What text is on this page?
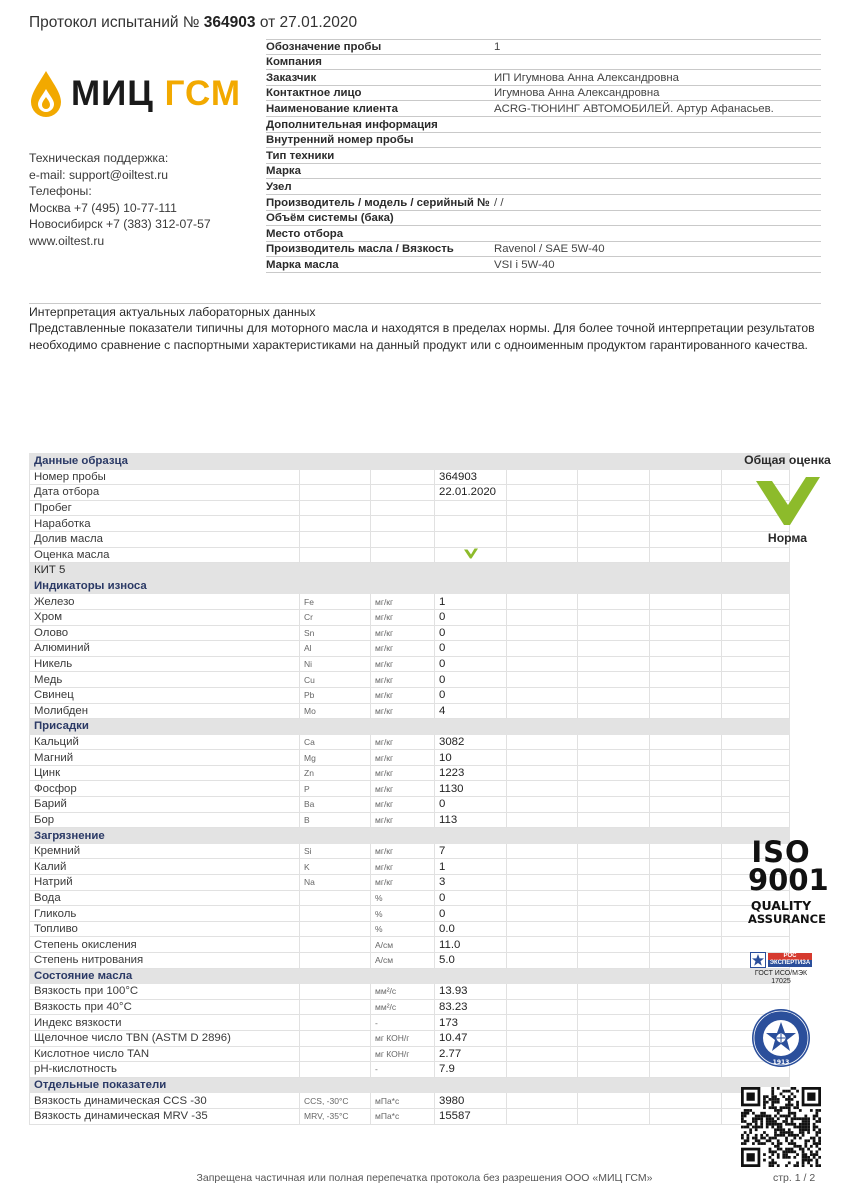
Протокол испытаний № 364903 от 27.01.2020
МИЦ ГСМ
Техническая поддержка:
e-mail: support@oiltest.ru
Телефоны:
Москва +7 (495) 10-77-111
Новосибирск +7 (383) 312-07-57
www.oiltest.ru
Обозначение пробы	1
Компания
Заказчик	ИП Игумнова Анна Александровна
Контактное лицо	Игумнова Анна Александровна
Наименование клиента	ACRG-ТЮНИНГ АВТОМОБИЛЕЙ. Артур Афанасьев.
Дополнительная информация
Внутренний номер пробы
Тип техники
Марка
Узел
Производитель / модель / серийный № / /
Объём системы (бака)
Место отбора
Производитель масла / Вязкость	Ravenol / SAE 5W-40
Марка масла	VSI i 5W-40
Интерпретация актуальных лабораторных данных
Представленные показатели типичны для моторного масла и находятся в пределах нормы. Для более точной интерпретации результатов необходимо сравнение с паспортными характеристиками на данный продукт или с одноименным продуктом гарантированного качества.
Данные образца							
Номер пробы			364903				
Дата отбора			22.01.2020				
Пробег							
Наработка							
Долив масла							
Оценка масла							
КИТ 5							
Индикаторы износа							
Железо	Fe	мг/кг	1				
Хром	Cr	мг/кг	0				
Олово	Sn	мг/кг	0				
Алюминий	Al	мг/кг	0				
Никель	Ni	мг/кг	0				
Медь	Cu	мг/кг	0				
Свинец	Pb	мг/кг	0				
Молибден	Mo	мг/кг	4				
Присадки							
Кальций	Ca	мг/кг	3082				
Магний	Mg	мг/кг	10				
Цинк	Zn	мг/кг	1223				
Фосфор	P	мг/кг	1130				
Барий	Ba	мг/кг	0				
Бор	B	мг/кг	113				
Загрязнение							
Кремний	Si	мг/кг	7				
Калий	K	мг/кг	1				
Натрий	Na	мг/кг	3				
Вода		%	0				
Гликоль		%	0				
Топливо		%	0.0				
Степень окисления		А/см	11.0				
Степень нитрования		А/см	5.0				
Состояние масла							
Вязкость при 100°С		мм²/с	13.93				
Вязкость при 40°С		мм²/с	83.23				
Индекс вязкости		-	173				
Щелочное число TBN (ASTM D 2896)		мг КОН/г	10.47				
Кислотное число TAN		мг КОН/г	2.77				
pH-кислотность		-	7.9				
Отдельные показатели							
Вязкость динамическая CCS -30	CCS, -30°C	мПа*с	3980				
Вязкость динамическая MRV -35	MRV, -35°C	мПа*с	15587				
Общая оценка
Норма
ISO
9001
QUALITY
ASSURANCE
РОС
ЭКСПЕРТИЗА
ГОСТ ИСО/МЭК
17025
1913
Запрещена частичная или полная перепечатка протокола без разрешения ООО «МИЦ ГСМ»	стр. 1 / 2
